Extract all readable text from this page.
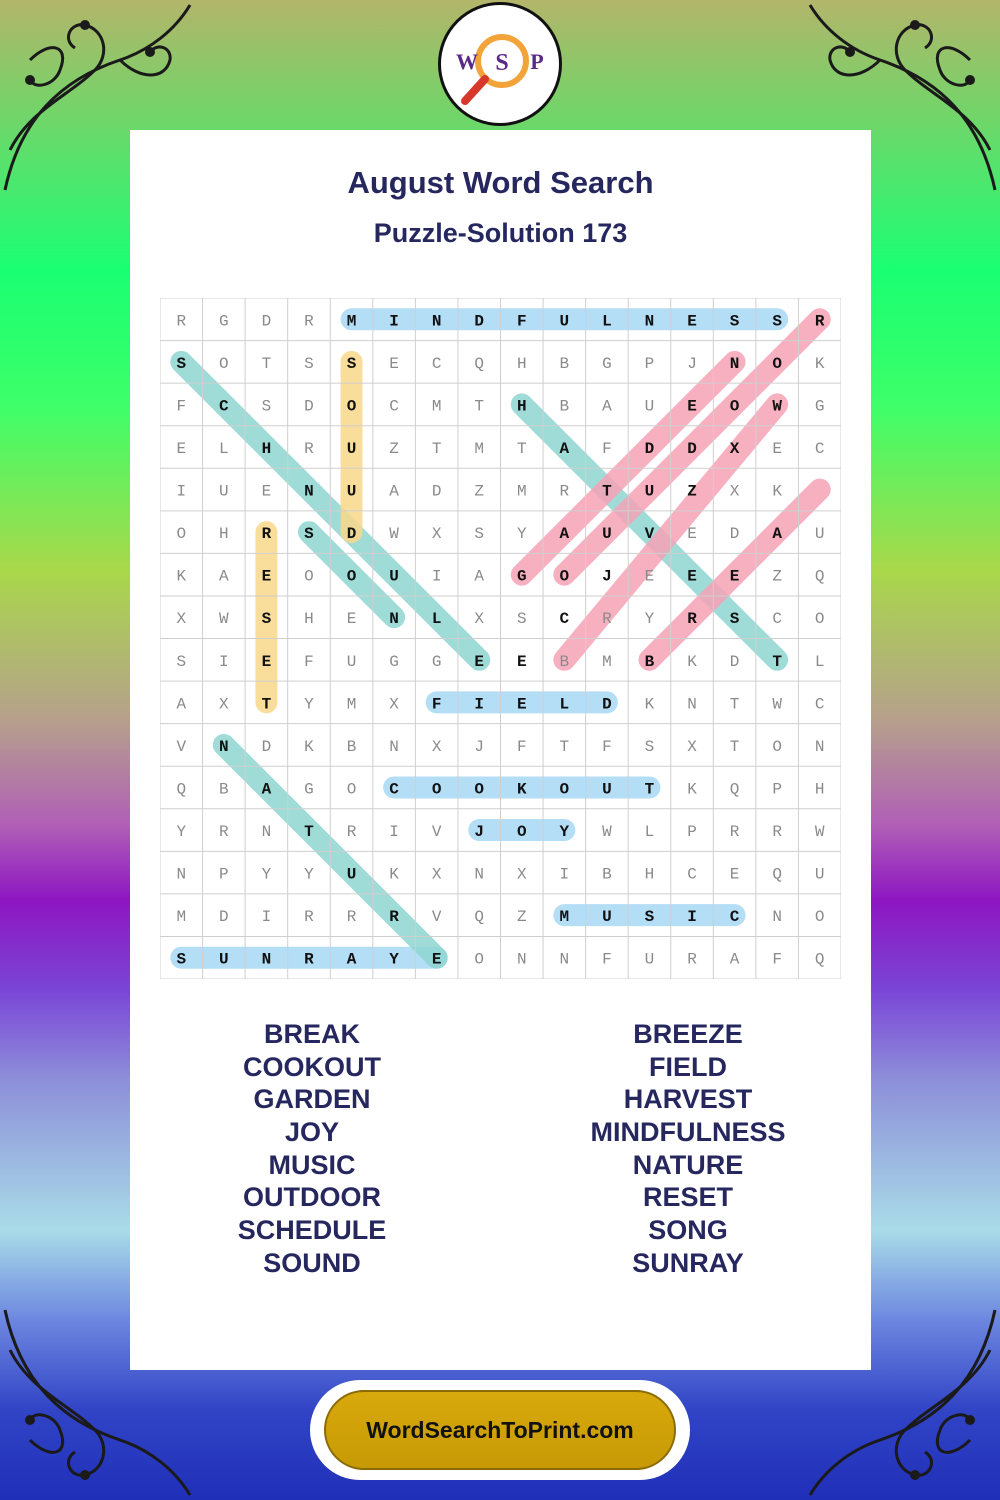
W S P
August Word Search
Puzzle-Solution 173
R G D R M I N D F U L N E S S R
S O T S S E C Q H B G P J N O K
F C S D O C M T H B A U E O W G
E L H R U Z T M T A F D D X E C
I U E N U A D Z M R T U Z X K
O H R S D W X S Y A U V E D A U
K A E O O U I A G O J E E E Z Q
X W S H E N L X S C R Y R S C O
S I E F U G G E E B M B K D T L
A X T Y M X F I E L D K N T W C
V N D K B N X J F T F S X T O N
Q B A G O C O O K O U T K Q P H
Y R N T R I V J O Y W L P R R W
N P Y Y U K X N X I B H C E Q U
M D I R R R V Q Z M U S I C N O
S U N R A Y E O N N F U R A F Q
BREAK
COOKOUT
GARDEN
JOY
MUSIC
OUTDOOR
SCHEDULE
SOUND
BREEZE
FIELD
HARVEST
MINDFULNESS
NATURE
RESET
SONG
SUNRAY
WordSearchToPrint.com
